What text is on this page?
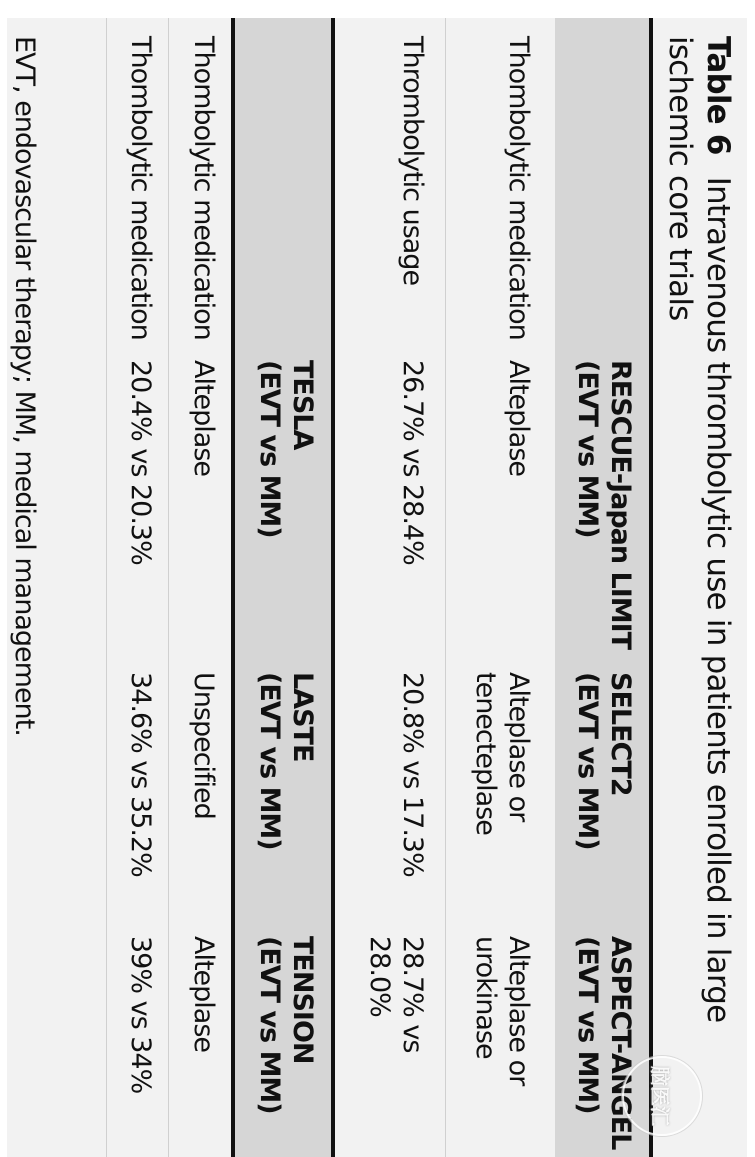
Table 6Intravenous thrombolytic use in patients enrolled in large ischemic core trials
RESCUE-Japan LIMIT
(EVT vs MM)
SELECT2
(EVT vs MM)
ASPECT-ANGEL
(EVT vs MM)
Thombolytic medication
Alteplase
Alteplase or
tenecteplase
Alteplase or
urokinase
Thrombolytic usage
26.7% vs 28.4%
20.8% vs 17.3%
28.7% vs
28.0%
TESLA
(EVT vs MM)
LASTE
(EVT vs MM)
TENSION
(EVT vs MM)
Thombolytic medication
Alteplase
Unspecified
Alteplase
Thombolytic medication
20.4% vs 20.3%
34.6% vs 35.2%
39% vs 34%
EVT, endovascular therapy; MM, medical management.
脑医汇
